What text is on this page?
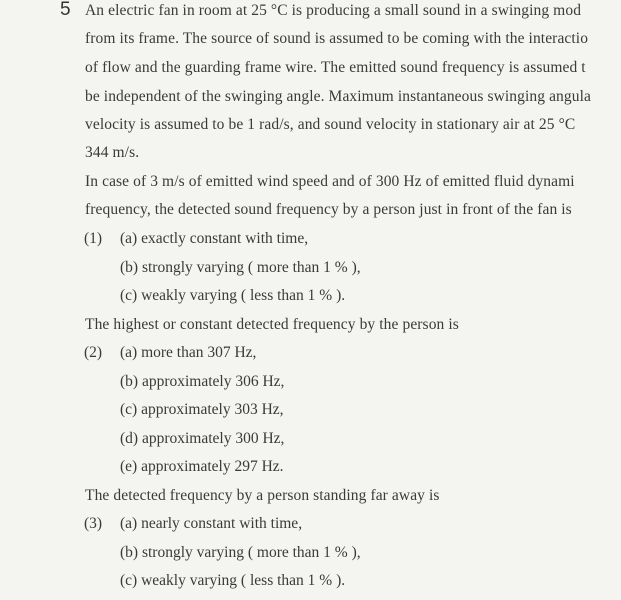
5 An electric fan in room at 25 °C is producing a small sound in a swinging mod
from its frame. The source of sound is assumed to be coming with the interactio
of flow and the guarding frame wire. The emitted sound frequency is assumed t
be independent of the swinging angle. Maximum instantaneous swinging angula
velocity is assumed to be 1 rad/s, and sound velocity in stationary air at 25 °C
344 m/s.
In case of 3 m/s of emitted wind speed and of 300 Hz of emitted fluid dynami
frequency, the detected sound frequency by a person just in front of the fan is
(1) (a) exactly constant with time,
(b) strongly varying ( more than 1 % ),
(c) weakly varying ( less than 1 % ).
The highest or constant detected frequency by the person is
(2) (a) more than 307 Hz,
(b) approximately 306 Hz,
(c) approximately 303 Hz,
(d) approximately 300 Hz,
(e) approximately 297 Hz.
The detected frequency by a person standing far away is
(3) (a) nearly constant with time,
(b) strongly varying ( more than 1 % ),
(c) weakly varying ( less than 1 % ).
